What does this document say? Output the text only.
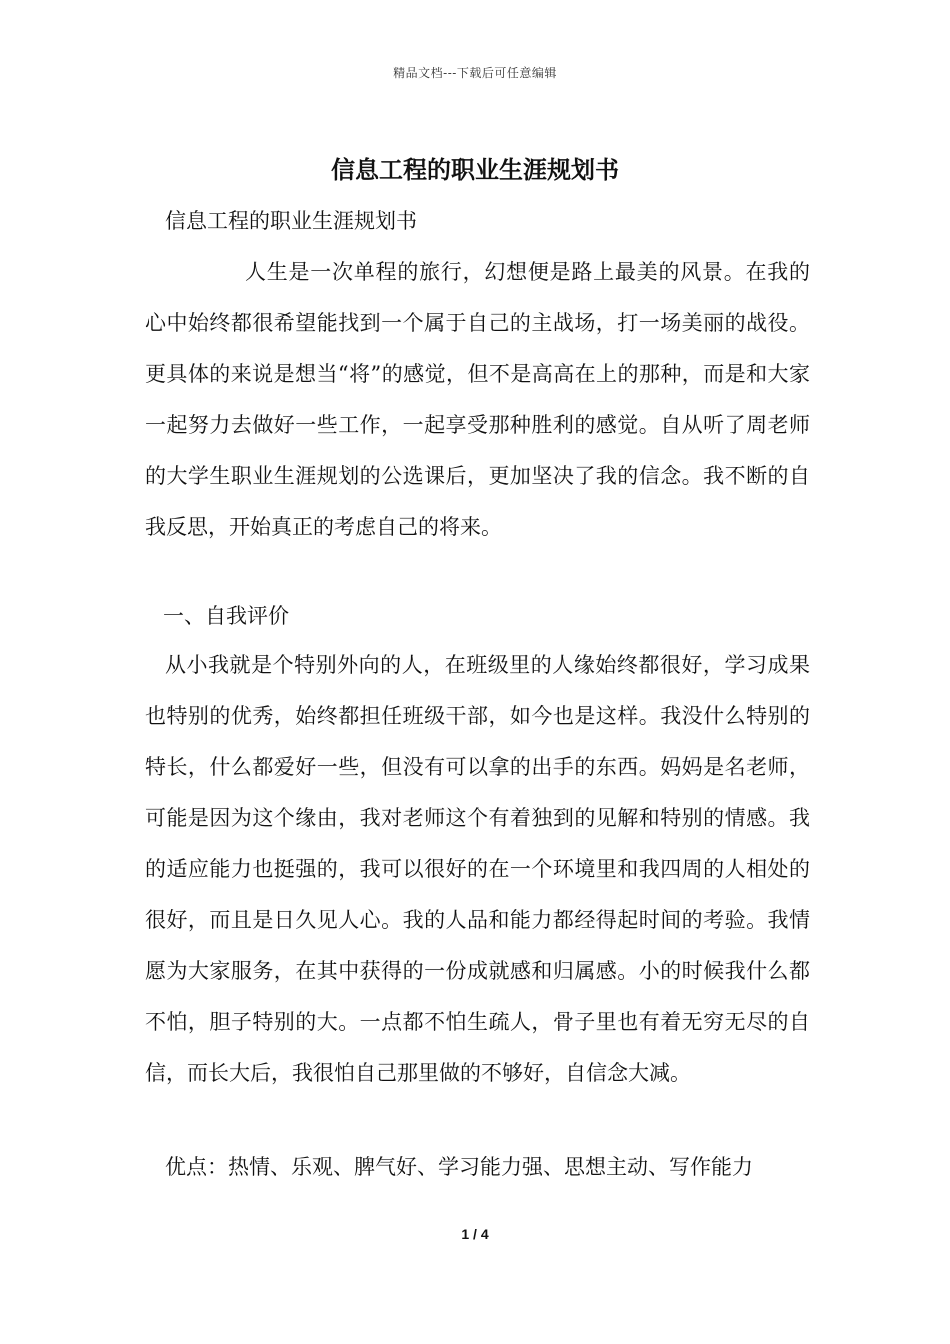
精品文档---下载后可任意编辑
信息工程的职业生涯规划书
信息工程的职业生涯规划书

人生是一次单程的旅行，幻想便是路上最美的风景。在我的心中始终都很希望能找到一个属于自己的主战场，打一场美丽的战役。更具体的来说是想当“将”的感觉，但不是高高在上的那种，而是和大家一起努力去做好一些工作，一起享受那种胜利的感觉。自从听了周老师的大学生职业生涯规划的公选课后，更加坚决了我的信念。我不断的自我反思，开始真正的考虑自己的将来。

一、自我评价

从小我就是个特别外向的人，在班级里的人缘始终都很好，学习成果也特别的优秀，始终都担任班级干部，如今也是这样。我没什么特别的特长，什么都爱好一些，但没有可以拿的出手的东西。妈妈是名老师，可能是因为这个缘由，我对老师这个有着独到的见解和特别的情感。我的适应能力也挺强的，我可以很好的在一个环境里和我四周的人相处的很好，而且是日久见人心。我的人品和能力都经得起时间的考验。我情愿为大家服务，在其中获得的一份成就感和归属感。小的时候我什么都不怕，胆子特别的大。一点都不怕生疏人，骨子里也有着无穷无尽的自信，而长大后，我很怕自己那里做的不够好，自信念大减。

优点：热情、乐观、脾气好、学习能力强、思想主动、写作能力

1 / 4
